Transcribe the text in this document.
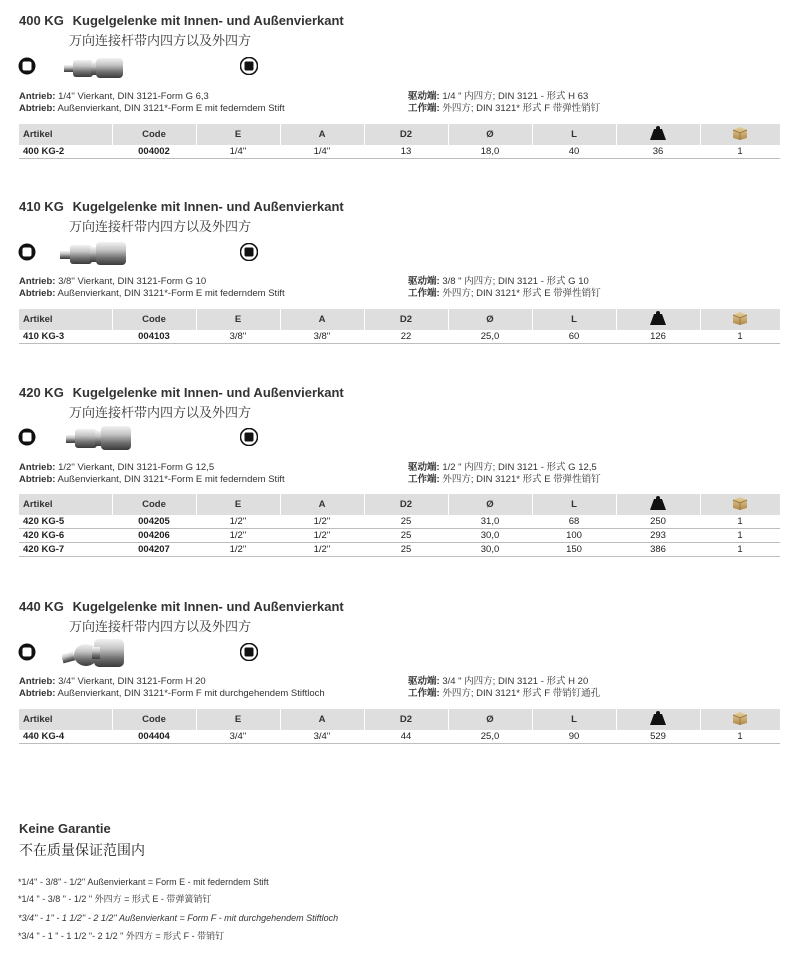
400 KG Kugelgelenke mit Innen- und Außenvierkant
万向连接杆带内四方以及外四方
Antrieb: 1/4'' Vierkant, DIN 3121-Form G 6,3
Abtrieb: Außenvierkant, DIN 3121*-Form E mit federndem Stift
驱动端: 1/4 " 内四方; DIN 3121 - 形式 H 63
工作端: 外四方; DIN 3121* 形式 F 带弹性销钉
Artikel	Code	E	A	D2	Ø	L		
400 KG-2	004002	1/4''	1/4''	13	18,0	40	36	1
410 KG Kugelgelenke mit Innen- und Außenvierkant
万向连接杆带内四方以及外四方
Antrieb: 3/8'' Vierkant, DIN 3121-Form G 10
Abtrieb: Außenvierkant, DIN 3121*-Form E mit federndem Stift
驱动端: 3/8 " 内四方; DIN 3121 - 形式 G 10
工作端: 外四方; DIN 3121* 形式 E 带弹性销钉
Artikel	Code	E	A	D2	Ø	L		
410 KG-3	004103	3/8''	3/8''	22	25,0	60	126	1
420 KG Kugelgelenke mit Innen- und Außenvierkant
万向连接杆带内四方以及外四方
Antrieb: 1/2'' Vierkant, DIN 3121-Form G 12,5
Abtrieb: Außenvierkant, DIN 3121*-Form E mit federndem Stift
驱动端: 1/2 " 内四方; DIN 3121 - 形式 G 12,5
工作端: 外四方; DIN 3121* 形式 E 带弹性销钉
Artikel	Code	E	A	D2	Ø	L		
420 KG-5	004205	1/2''	1/2''	25	31,0	68	250	1
420 KG-6	004206	1/2''	1/2''	25	30,0	100	293	1
420 KG-7	004207	1/2''	1/2''	25	30,0	150	386	1
440 KG Kugelgelenke mit Innen- und Außenvierkant
万向连接杆带内四方以及外四方
Antrieb: 3/4'' Vierkant, DIN 3121-Form H 20
Abtrieb: Außenvierkant, DIN 3121*-Form F mit durchgehendem Stiftloch
驱动端: 3/4 " 内四方; DIN 3121 - 形式 H 20
工作端: 外四方; DIN 3121* 形式 F 带销钉通孔
Artikel	Code	E	A	D2	Ø	L		
440 KG-4	004404	3/4''	3/4''	44	25,0	90	529	1
Keine Garantie
不在质量保证范围内
*1/4'' - 3/8'' - 1/2'' Außenvierkant = Form E - mit federndem Stift
*1/4 " - 3/8 " - 1/2 " 外四方 = 形式 E - 带弹簧销钉
*3/4'' - 1'' - 1 1/2'' - 2 1/2'' Außenvierkant = Form F - mit durchgehendem Stiftloch
*3/4 " - 1 " - 1 1/2 "- 2 1/2 " 外四方 = 形式 F - 带销钉
